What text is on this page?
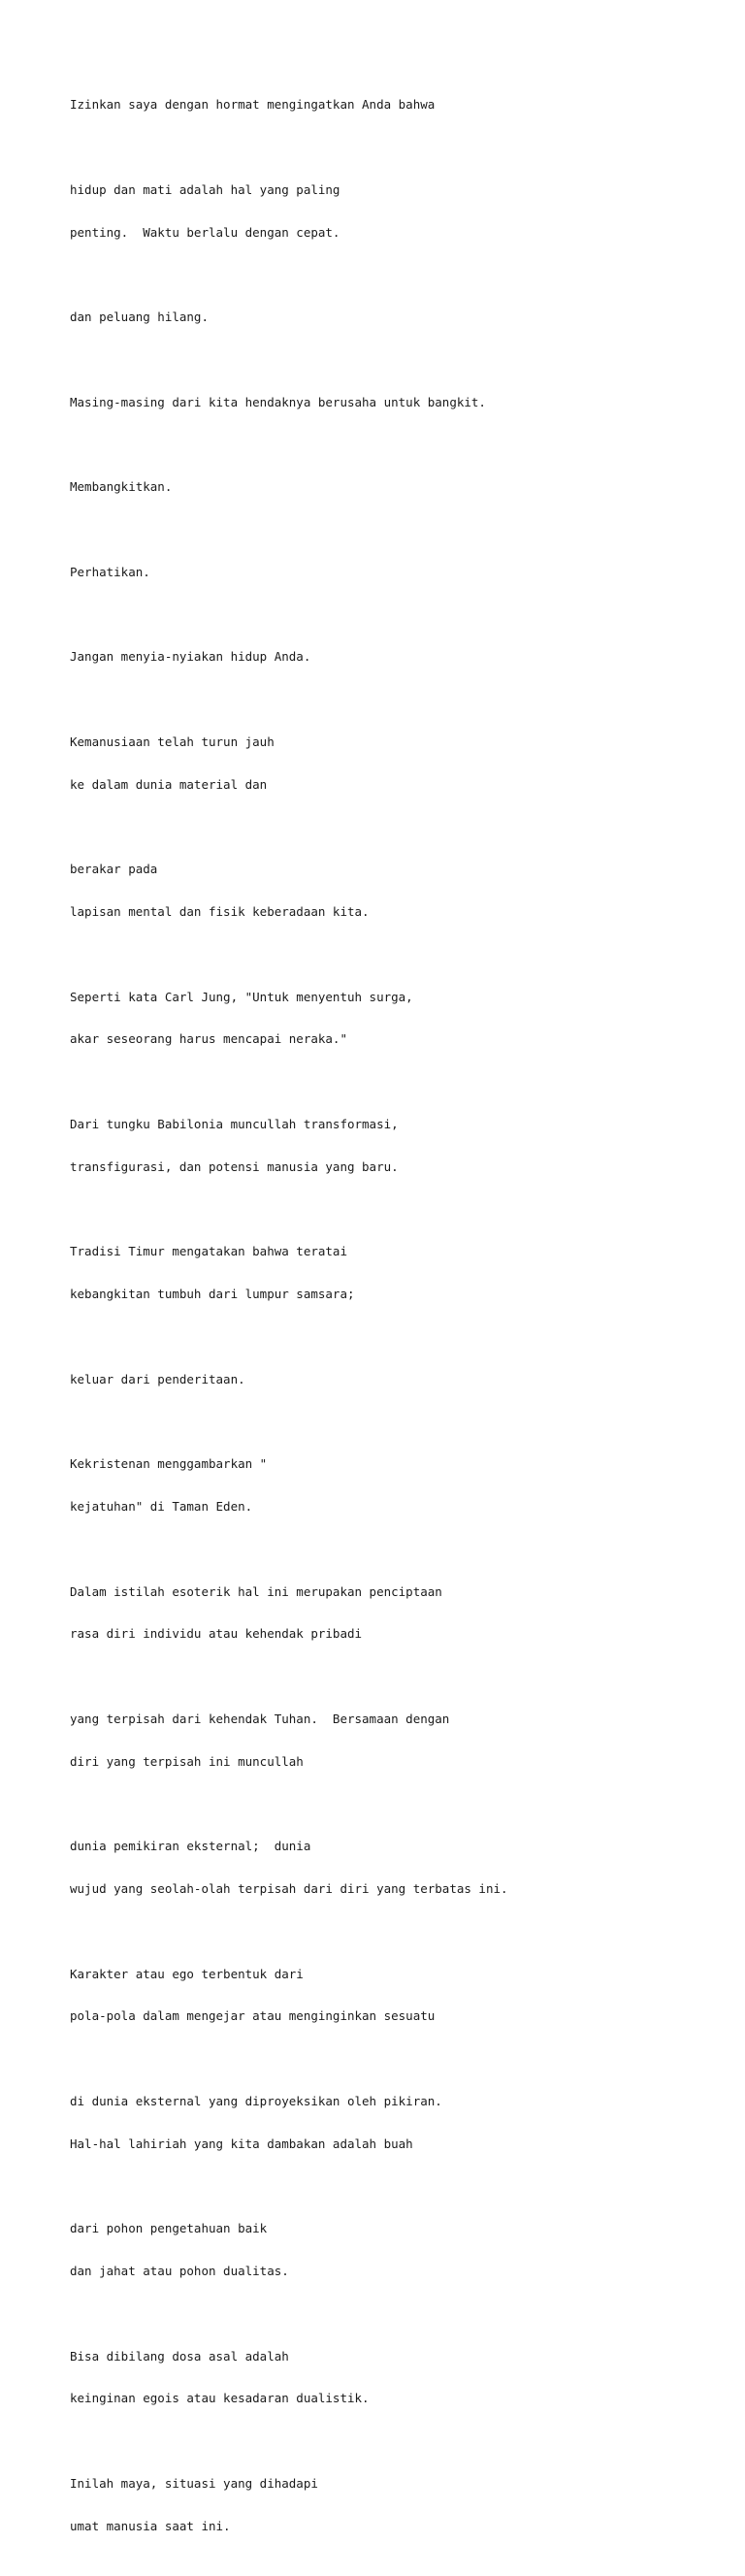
Izinkan saya dengan hormat mengingatkan Anda bahwa

hidup dan mati adalah hal yang paling

penting.  Waktu berlalu dengan cepat.

dan peluang hilang.

Masing-masing dari kita hendaknya berusaha untuk bangkit.

Membangkitkan.

Perhatikan.

Jangan menyia-nyiakan hidup Anda.

Kemanusiaan telah turun jauh

ke dalam dunia material dan

berakar pada

lapisan mental dan fisik keberadaan kita.

Seperti kata Carl Jung, "Untuk menyentuh surga,

akar seseorang harus mencapai neraka."

Dari tungku Babilonia muncullah transformasi,

transfigurasi, dan potensi manusia yang baru.

Tradisi Timur mengatakan bahwa teratai

kebangkitan tumbuh dari lumpur samsara;

keluar dari penderitaan.

Kekristenan menggambarkan "

kejatuhan" di Taman Eden.

Dalam istilah esoterik hal ini merupakan penciptaan

rasa diri individu atau kehendak pribadi

yang terpisah dari kehendak Tuhan.  Bersamaan dengan

diri yang terpisah ini muncullah

dunia pemikiran eksternal;  dunia

wujud yang seolah-olah terpisah dari diri yang terbatas ini.

Karakter atau ego terbentuk dari

pola-pola dalam mengejar atau menginginkan sesuatu

di dunia eksternal yang diproyeksikan oleh pikiran.

Hal-hal lahiriah yang kita dambakan adalah buah

dari pohon pengetahuan baik

dan jahat atau pohon dualitas.

Bisa dibilang dosa asal adalah

keinginan egois atau kesadaran dualistik.

Inilah maya, situasi yang dihadapi

umat manusia saat ini.
